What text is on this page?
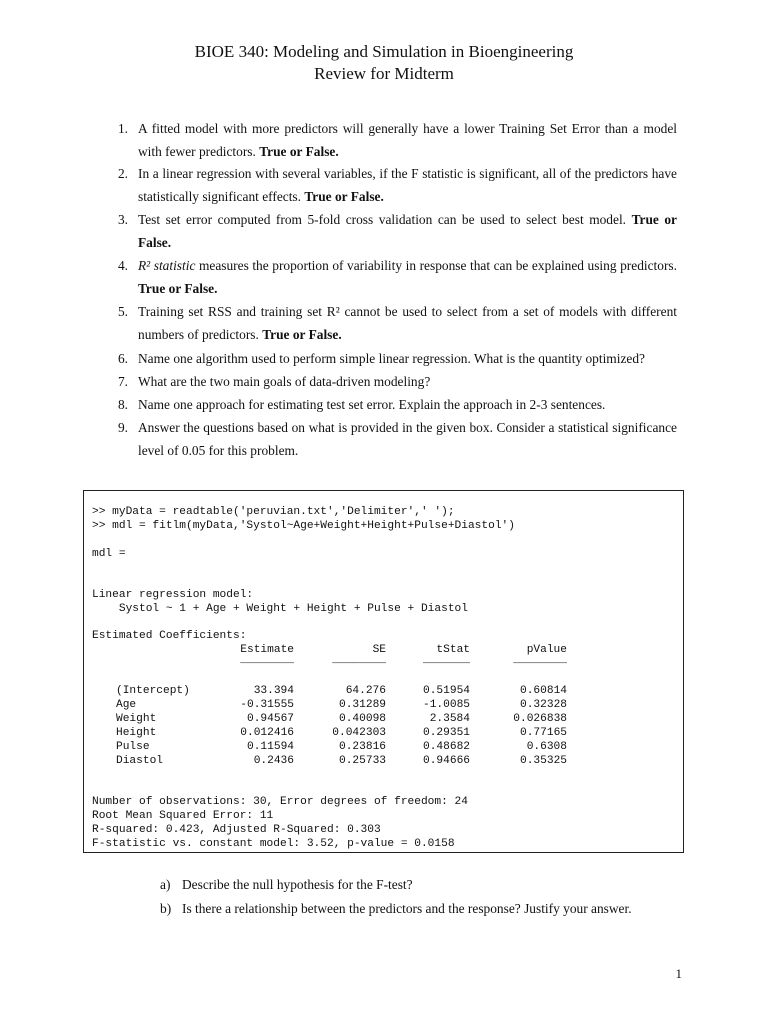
BIOE 340: Modeling and Simulation in Bioengineering
Review for Midterm
1. A fitted model with more predictors will generally have a lower Training Set Error than a model with fewer predictors. True or False.
2. In a linear regression with several variables, if the F statistic is significant, all of the predictors have statistically significant effects. True or False.
3. Test set error computed from 5-fold cross validation can be used to select best model. True or False.
4. R² statistic measures the proportion of variability in response that can be explained using predictors. True or False.
5. Training set RSS and training set R² cannot be used to select from a set of models with different numbers of predictors. True or False.
6. Name one algorithm used to perform simple linear regression. What is the quantity optimized?
7. What are the two main goals of data-driven modeling?
8. Name one approach for estimating test set error. Explain the approach in 2-3 sentences.
9. Answer the questions based on what is provided in the given box. Consider a statistical significance level of 0.05 for this problem.
>> myData = readtable('peruvian.txt','Delimiter',' ');
>> mdl = fitlm(myData,'Systol~Age+Weight+Height+Pulse+Diastol')
mdl =
Linear regression model:
Systol ~ 1 + Age + Weight + Height + Pulse + Diastol
Estimated Coefficients:
Estimate	SE	tStat	pValue
________	________	_______	________
(Intercept)	33.394	64.276	0.51954	0.60814
Age	-0.31555	0.31289	-1.0085	0.32328
Weight	0.94567	0.40098	2.3584	0.026838
Height	0.012416	0.042303	0.29351	0.77165
Pulse	0.11594	0.23816	0.48682	0.6308
Diastol	0.2436	0.25733	0.94666	0.35325
Number of observations: 30, Error degrees of freedom: 24
Root Mean Squared Error: 11
R-squared: 0.423, Adjusted R-Squared: 0.303
F-statistic vs. constant model: 3.52, p-value = 0.0158
a) Describe the null hypothesis for the F-test?
b) Is there a relationship between the predictors and the response? Justify your answer.
1
